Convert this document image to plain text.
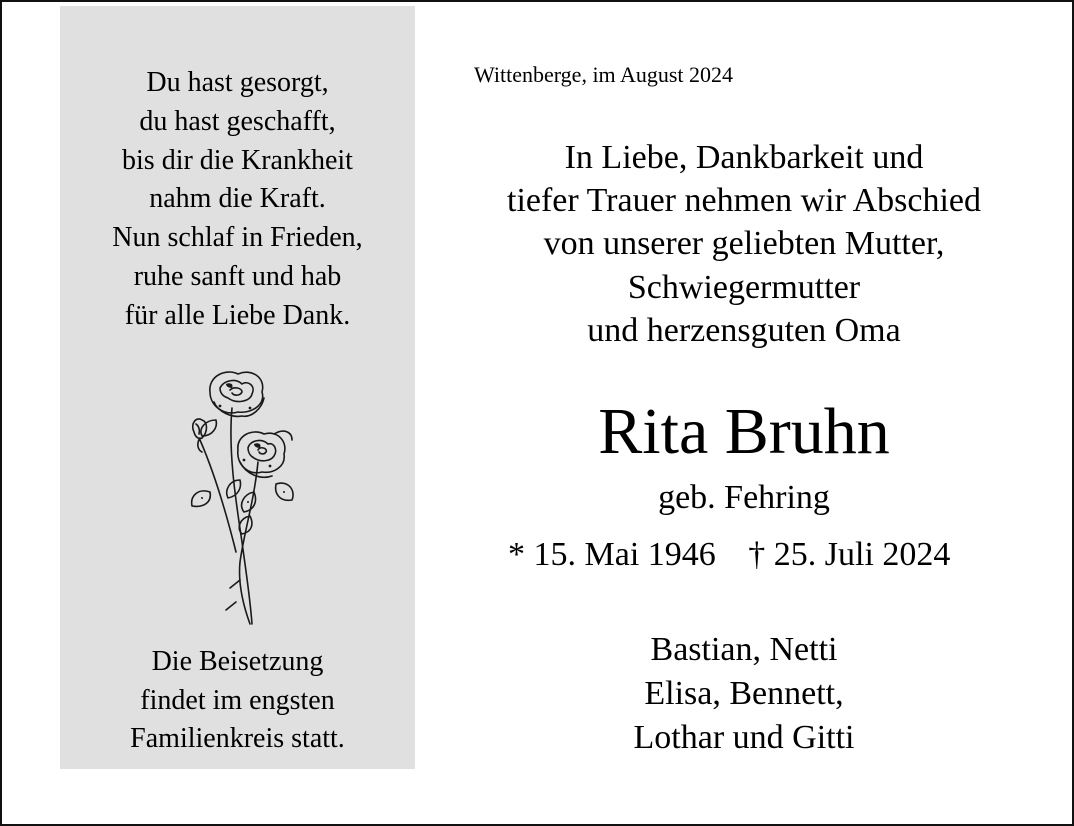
Du hast gesorgt,
du hast geschafft,
bis dir die Krankheit
nahm die Kraft.
Nun schlaf in Frieden,
ruhe sanft und hab
für alle Liebe Dank.
Die Beisetzung
findet im engsten
Familienkreis statt.
Wittenberge, im August 2024
In Liebe, Dankbarkeit und
tiefer Trauer nehmen wir Abschied
von unserer geliebten Mutter,
Schwiegermutter
und herzensguten Oma
Rita Bruhn
geb. Fehring
* 15. Mai 1946 † 25. Juli 2024
Bastian, Netti
Elisa, Bennett,
Lothar und Gitti
